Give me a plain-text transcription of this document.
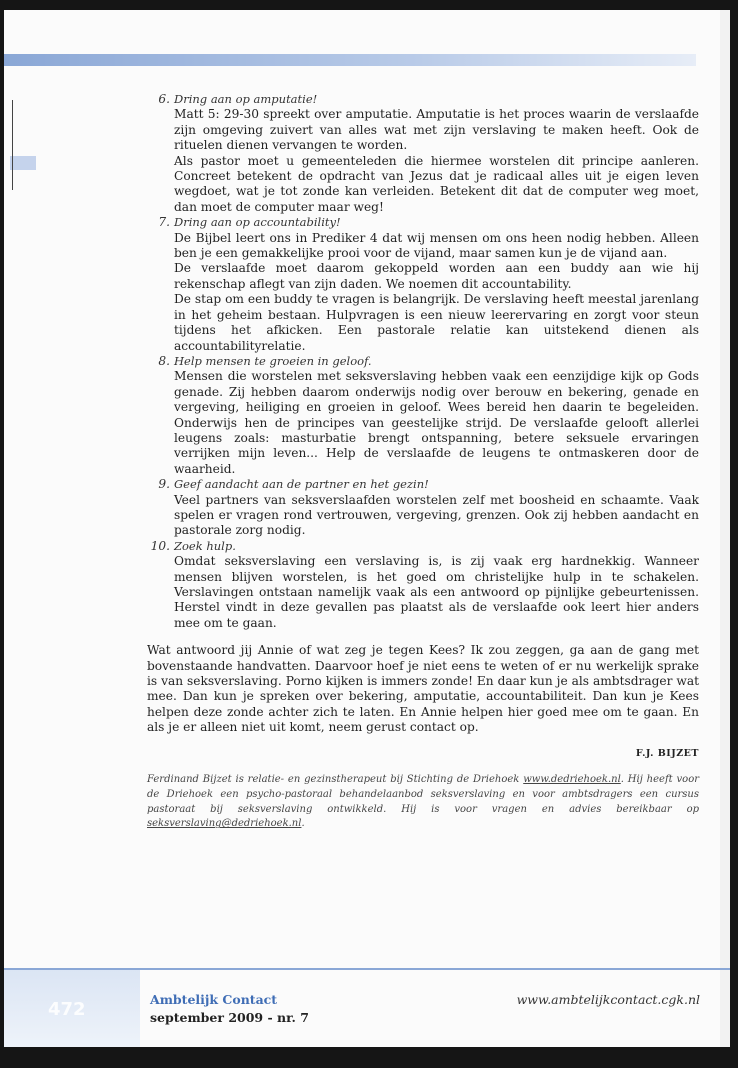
6. Dring aan op amputatie!

Matt 5: 29-30 spreekt over amputatie. Amputatie is het proces waarin de verslaafde zijn omgeving zuivert van alles wat met zijn verslaving te maken heeft. Ook de rituelen dienen vervangen te worden.

Als pastor moet u gemeenteleden die hiermee worstelen dit principe aanleren. Concreet betekent de opdracht van Jezus dat je radicaal alles uit je eigen leven wegdoet, wat je tot zonde kan verleiden. Betekent dit dat de computer weg moet, dan moet de computer maar weg!

7. Dring aan op accountability!

De Bijbel leert ons in Prediker 4 dat wij mensen om ons heen nodig hebben. Alleen ben je een gemakkelijke prooi voor de vijand, maar samen kun je de vijand aan.

De verslaafde moet daarom gekoppeld worden aan een buddy aan wie hij rekenschap aflegt van zijn daden. We noemen dit accountability.

De stap om een buddy te vragen is belangrijk. De verslaving heeft meestal jarenlang in het geheim bestaan. Hulpvragen is een nieuw leerervaring en zorgt voor steun tijdens het afkicken. Een pastorale relatie kan uitstekend dienen als accountabilityrelatie.

8. Help mensen te groeien in geloof.

Mensen die worstelen met seksverslaving hebben vaak een eenzijdige kijk op Gods genade. Zij hebben daarom onderwijs nodig over berouw en bekering, genade en vergeving, heiliging en groeien in geloof. Wees bereid hen daarin te begeleiden. Onderwijs hen de principes van geestelijke strijd. De verslaafde gelooft allerlei leugens zoals: masturbatie brengt ontspanning, betere seksuele ervaringen verrijken mijn leven... Help de verslaafde de leugens te ontmaskeren door de waarheid.

9. Geef aandacht aan de partner en het gezin!

Veel partners van seksverslaafden worstelen zelf met boosheid en schaamte. Vaak spelen er vragen rond vertrouwen, vergeving, grenzen. Ook zij hebben aandacht en pastorale zorg nodig.

10. Zoek hulp.

Omdat seksverslaving een verslaving is, is zij vaak erg hardnekkig. Wanneer mensen blijven worstelen, is het goed om christelijke hulp in te schakelen. Verslavingen ontstaan namelijk vaak als een antwoord op pijnlijke gebeurtenissen. Herstel vindt in deze gevallen pas plaatst als de verslaafde ook leert hier anders mee om te gaan.

Wat antwoord jij Annie of wat zeg je tegen Kees? Ik zou zeggen, ga aan de gang met bovenstaande handvatten. Daarvoor hoef je niet eens te weten of er nu werkelijk sprake is van seksverslaving. Porno kijken is immers zonde! En daar kun je als ambtsdrager wat mee. Dan kun je spreken over bekering, amputatie, accountabiliteit. Dan kun je Kees helpen deze zonde achter zich te laten. En Annie helpen hier goed mee om te gaan. En als je er alleen niet uit komt, neem gerust contact op.

F.J. BIJZET

Ferdinand Bijzet is relatie- en gezinstherapeut bij Stichting de Driehoek www.dedriehoek.nl. Hij heeft voor de Driehoek een psycho-pastoraal behandelaanbod seksverslaving en voor ambtsdragers een cursus pastoraat bij seksverslaving ontwikkeld. Hij is voor vragen en advies bereikbaar op seksverslaving@dedriehoek.nl.

472	Ambtelijk Contact
september 2009 - nr. 7
www.ambtelijkcontact.cgk.nl
